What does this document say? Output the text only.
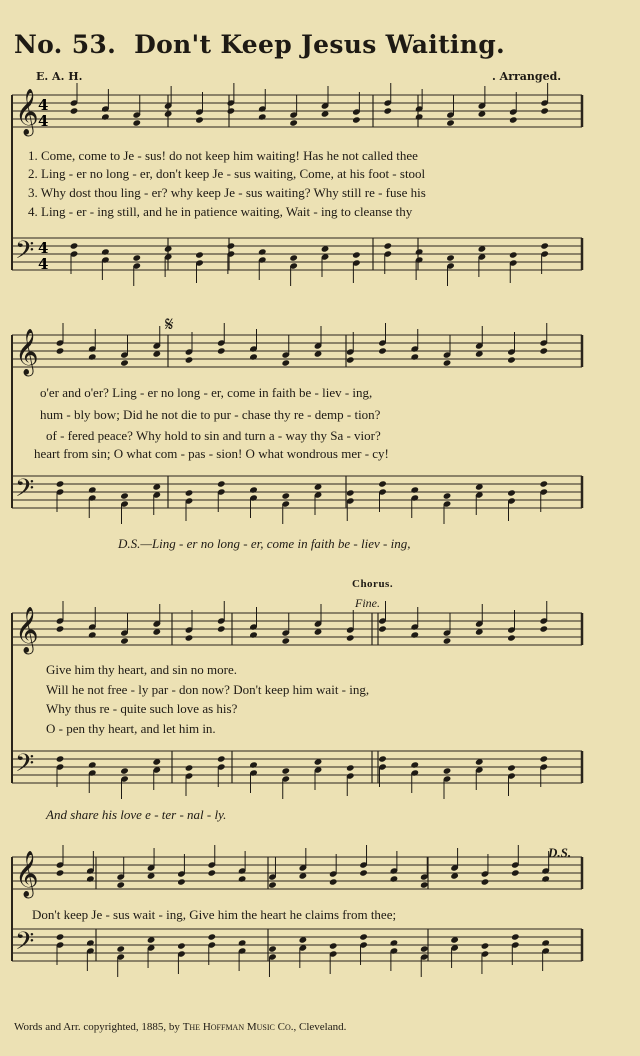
No. 53. Don't Keep Jesus Waiting.
E. A. H.	. Arranged.
𝄞
𝄢
4
4
4
4
𝄞
𝄢
𝄞
𝄢
𝄞
𝄢
1. Come, come to Je - sus! do not keep him waiting! Has he not called thee
2. Ling - er no long - er, don't keep Je - sus waiting, Come, at his foot - stool
3. Why dost thou ling - er? why keep Je - sus waiting? Why still re - fuse his
4. Ling - er - ing still, and he in patience waiting, Wait - ing to cleanse thy
𝄋
o'er and o'er? Ling - er no long - er, come in faith be - liev - ing,
hum - bly bow; Did he not die to pur - chase thy re - demp - tion?
of - fered peace? Why hold to sin and turn a - way thy Sa - vior?
heart from sin; O what com - pas - sion! O what wondrous mer - cy!
D.S.—Ling - er no long - er, come in faith be - liev - ing,
Chorus.
Fine.
Give him thy heart, and sin no more.
Will he not free - ly par - don now? Don't keep him wait - ing,
Why thus re - quite such love as his?
O - pen thy heart, and let him in.
And share his love e - ter - nal - ly.
D.S.
Don't keep Je - sus wait - ing, Give him the heart he claims from thee;
Words and Arr. copyrighted, 1885, by The Hoffman Music Co., Cleveland.
